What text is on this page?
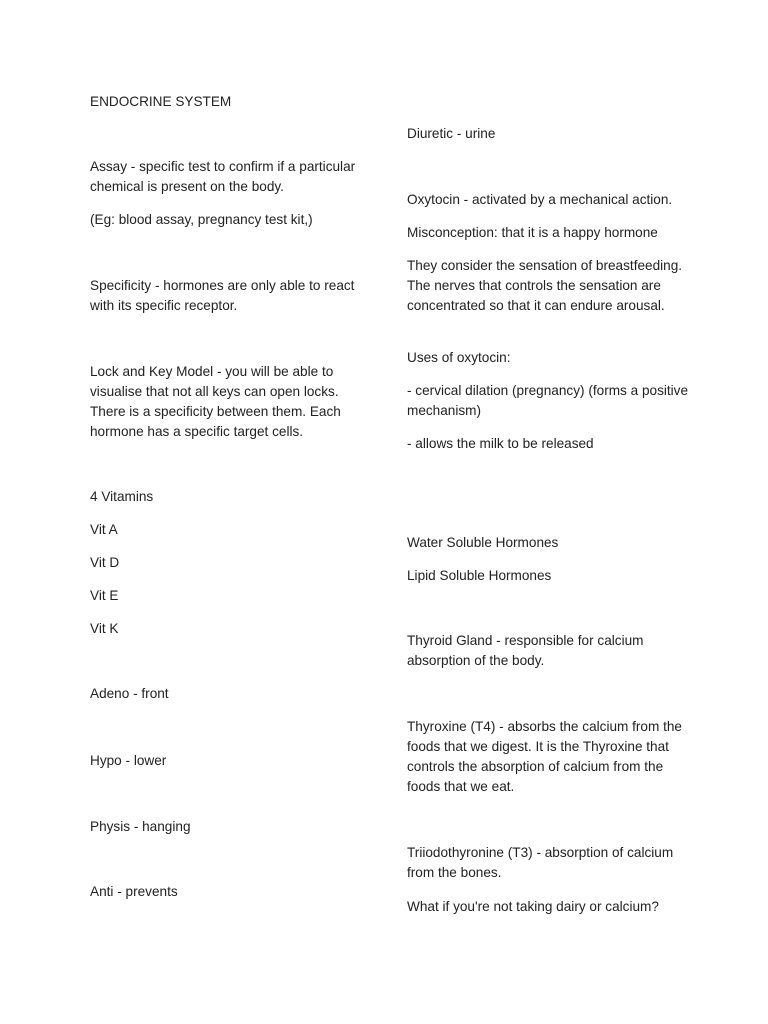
ENDOCRINE SYSTEM

Assay - specific test to confirm if a particular chemical is present on the body.

(Eg: blood assay, pregnancy test kit,)

Specificity - hormones are only able to react with its specific receptor.

Lock and Key Model - you will be able to visualise that not all keys can open locks. There is a specificity between them. Each hormone has a specific target cells.

4 Vitamins

Vit A

Vit D

Vit E

Vit K

Adeno - front

Hypo - lower

Physis - hanging

Anti - prevents

Diuretic - urine

Oxytocin - activated by a mechanical action.

Misconception: that it is a happy hormone

They consider the sensation of breastfeeding. The nerves that controls the sensation are concentrated so that it can endure arousal.

Uses of oxytocin:

- cervical dilation (pregnancy) (forms a positive mechanism)

- allows the milk to be released

Water Soluble Hormones

Lipid Soluble Hormones

Thyroid Gland - responsible for calcium absorption of the body.

Thyroxine (T4) - absorbs the calcium from the foods that we digest. It is the Thyroxine that controls the absorption of calcium from the foods that we eat.

Triiodothyronine (T3) - absorption of calcium from the bones.

What if you're not taking dairy or calcium?
